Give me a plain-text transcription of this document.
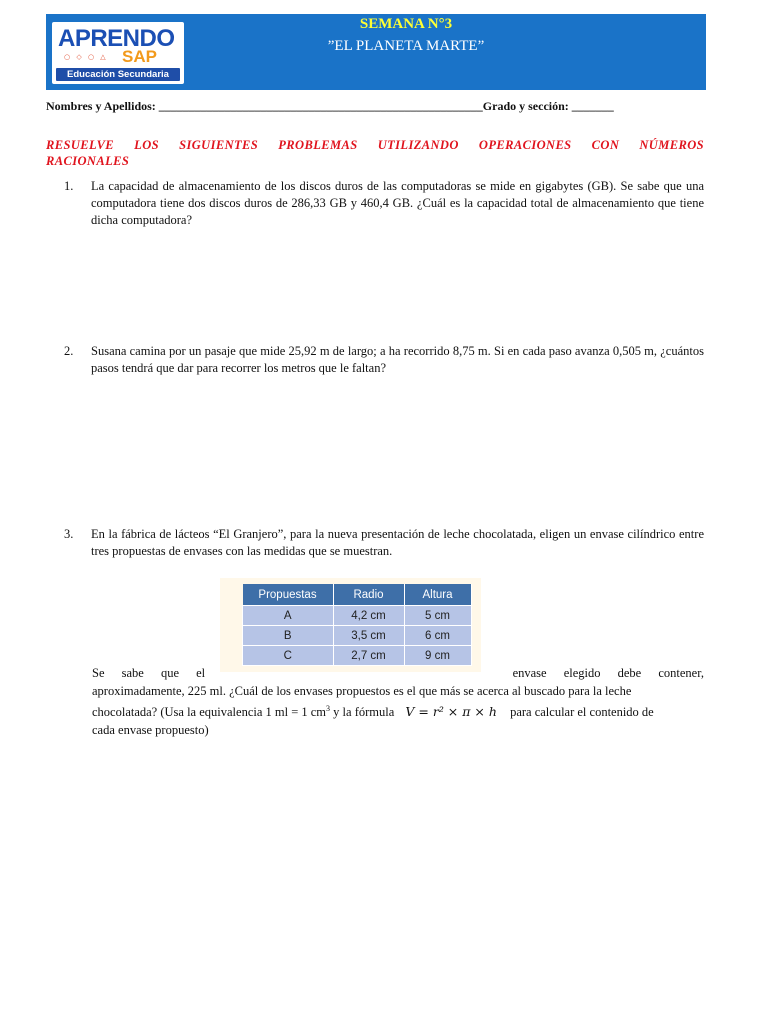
APRENDO
○ ◇ ○ △ SAP
Educación Secundaria
SEMANA N°3
”EL PLANETA MARTE”
Nombres y Apellidos: ______________________________________________________Grado y sección: _______
RESUELVE LOS SIGUIENTES PROBLEMAS UTILIZANDO OPERACIONES CON NÚMEROS
RACIONALES
1.	La capacidad de almacenamiento de los discos duros de las computadoras se mide en gigabytes (GB). Se sabe que una computadora tiene dos discos duros de 286,33 GB y 460,4 GB. ¿Cuál es la capacidad total de almacenamiento que tiene dicha computadora?
2.	Susana camina por un pasaje que mide 25,92 m de largo; a ha recorrido 8,75 m. Si en cada paso avanza 0,505 m, ¿cuántos pasos tendrá que dar para recorrer los metros que le faltan?
3.	En la fábrica de lácteos “El Granjero”, para la nueva presentación de leche chocolatada, eligen un envase cilíndrico entre tres propuestas de envases con las medidas que se muestran.
Propuestas	Radio	Altura
A	4,2 cm	5 cm
B	3,5 cm	6 cm
C	2,7 cm	9 cm
Se sabe que el	envase elegido debe contener,
aproximadamente, 225 ml. ¿Cuál de los envases propuestos es el que más se acerca al buscado para la leche
chocolatada? (Usa la equivalencia 1 ml = 1 $cm^3$ y la fórmula V = r² × π × h para calcular el contenido de
cada envase propuesto)
